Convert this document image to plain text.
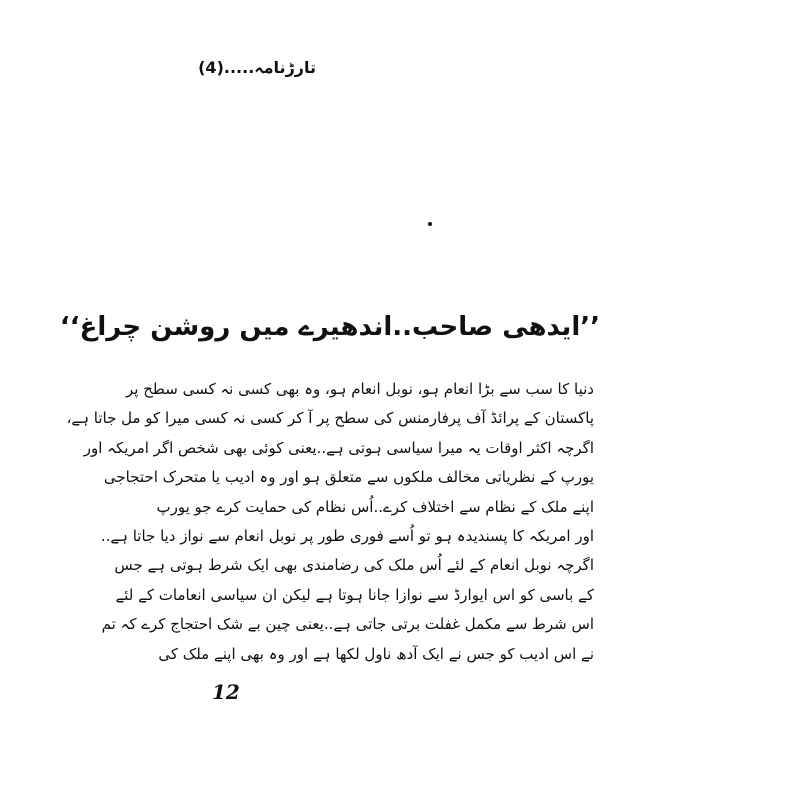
تارڑنامہ.....(4)
’’ایدھی صاحب..اندھیرے میں روشن چراغ‘‘
دنیا کا سب سے بڑا انعام ہو، نوبل انعام ہو، وہ بھی کسی نہ کسی سطح پر
پاکستان کے پرائڈ آف پرفارمنس کی سطح پر آ کر کسی نہ کسی میرا کو مل جاتا ہے،
اگرچہ اکثر اوقات یہ میرا سیاسی ہوتی ہے..یعنی کوئی بھی شخص اگر امریکہ اور
یورپ کے نظریاتی مخالف ملکوں سے متعلق ہو اور وہ ادیب یا متحرک احتجاجی
اپنے ملک کے نظام سے اختلاف کرے..اُس نظام کی حمایت کرے جو یورپ
اور امریکہ کا پسندیدہ ہو تو اُسے فوری طور پر نوبل انعام سے نواز دیا جاتا ہے..
اگرچہ نوبل انعام کے لئے اُس ملک کی رضامندی بھی ایک شرط ہوتی ہے جس
کے باسی کو اس ایوارڈ سے نوازا جانا ہوتا ہے لیکن ان سیاسی انعامات کے لئے
اس شرط سے مکمل غفلت برتی جاتی ہے..یعنی چین بے شک احتجاج کرے کہ تم
نے اس ادیب کو جس نے ایک آدھ ناول لکھا ہے اور وہ بھی اپنے ملک کی
12
